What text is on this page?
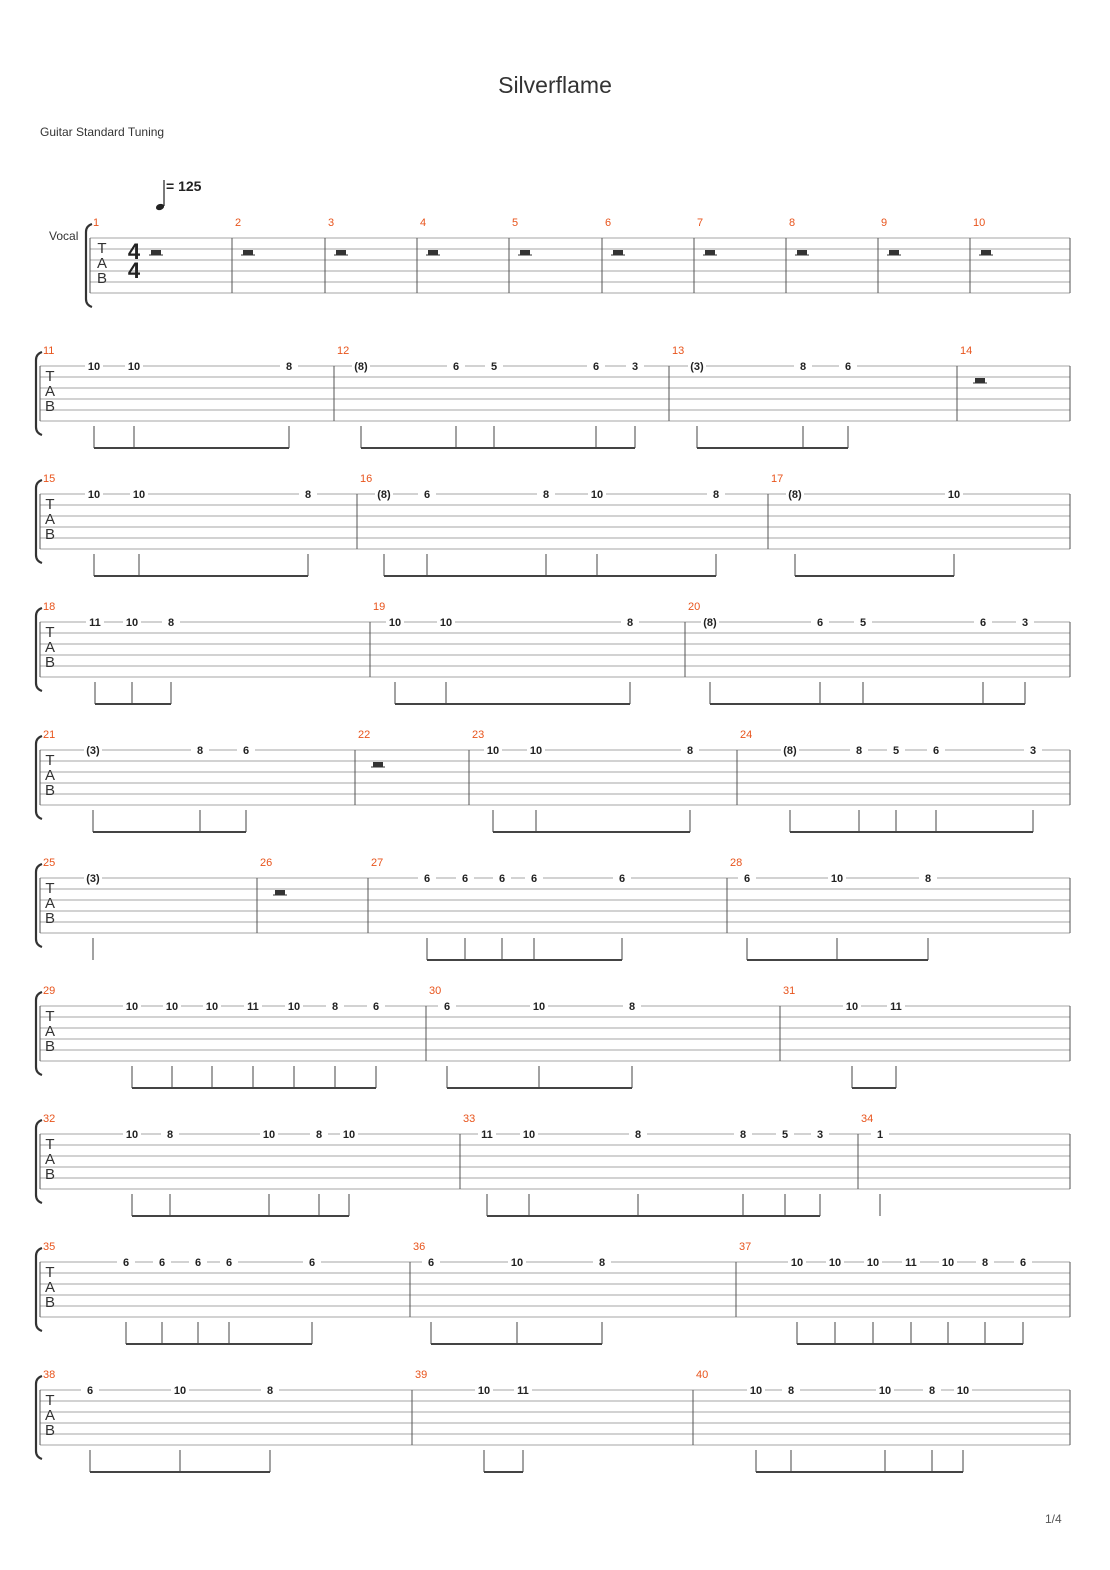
Silverflame
Guitar Standard Tuning
= 125
Vocal
T
A
B
4
4
1	2	3	4	5	6	7	8	9	10
T
A
B
11
10	10	8
12
(8)	6	5	6	3
13
(3)	8	6
14
T
A
B
15
10	10	8
16
(8)	6	8	10	8
17
(8)	10
T
A
B
18
11 10	8
19
10	10	8
20
(8)	6	5	6	3
T
A
B
21
(3)	8	6
22	23
10	10	8
24
(8)	8	5	6	3
T
A
B
25
(3)
26	27
6	6	6 6	6
28
6	10	8
T
A
B
29
10	10	10	11	10	8	6
30
6	10	8
31
10	11
T
A
B
32
10	8	10	8 10
33
11	10	8	8	5	3
34
1
T
A
B
35
6	6	6 6	6
36
6	10	8
37
10 10 10 11 10	8	6
T
A
B
38
6	10	8
39
10 11
40
10 8	10	8 10
1/4
